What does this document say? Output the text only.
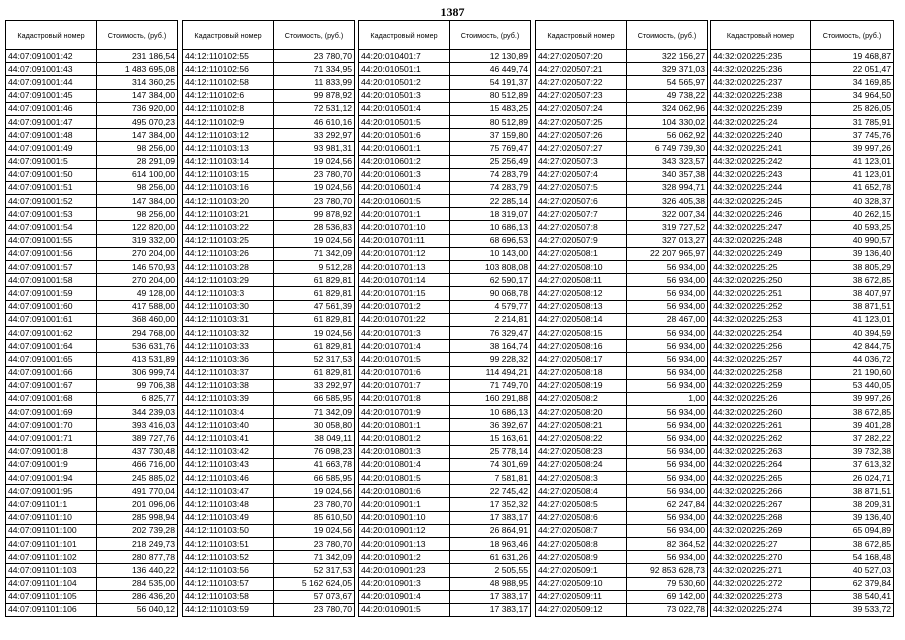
1387
Кадастровый номер	Стоимость, (руб.)
44:07:091001:42	231 186,54
44:07:091001:43	1 483 695,08
44:07:091001:44	314 360,25
44:07:091001:45	147 384,00
44:07:091001:46	736 920,00
44:07:091001:47	495 070,23
44:07:091001:48	147 384,00
44:07:091001:49	98 256,00
44:07:091001:5	28 291,09
44:07:091001:50	614 100,00
44:07:091001:51	98 256,00
44:07:091001:52	147 384,00
44:07:091001:53	98 256,00
44:07:091001:54	122 820,00
44:07:091001:55	319 332,00
44:07:091001:56	270 204,00
44:07:091001:57	146 570,93
44:07:091001:58	270 204,00
44:07:091001:59	49 128,00
44:07:091001:60	417 588,00
44:07:091001:61	368 460,00
44:07:091001:62	294 768,00
44:07:091001:64	536 631,76
44:07:091001:65	413 531,89
44:07:091001:66	306 999,74
44:07:091001:67	99 706,38
44:07:091001:68	6 825,77
44:07:091001:69	344 239,03
44:07:091001:70	393 416,03
44:07:091001:71	389 727,76
44:07:091001:8	437 730,48
44:07:091001:9	466 716,00
44:07:091001:94	245 885,02
44:07:091001:95	491 770,04
44:07:091101:1	201 096,06
44:07:091101:10	285 998,94
44:07:091101:100	202 739,28
44:07:091101:101	218 249,73
44:07:091101:102	280 877,78
44:07:091101:103	136 440,22
44:07:091101:104	284 535,00
44:07:091101:105	286 436,20
44:07:091101:106	56 040,12
Кадастровый номер	Стоимость, (руб.)
44:12:110102:55	23 780,70
44:12:110102:56	71 334,95
44:12:110102:58	11 833,99
44:12:110102:6	99 878,92
44:12:110102:8	72 531,12
44:12:110102:9	46 610,16
44:12:110103:12	33 292,97
44:12:110103:13	93 981,31
44:12:110103:14	19 024,56
44:12:110103:15	23 780,70
44:12:110103:16	19 024,56
44:12:110103:20	23 780,70
44:12:110103:21	99 878,92
44:12:110103:22	28 536,83
44:12:110103:25	19 024,56
44:12:110103:26	71 342,09
44:12:110103:28	9 512,28
44:12:110103:29	61 829,81
44:12:110103:3	61 829,81
44:12:110103:30	47 561,39
44:12:110103:31	61 829,81
44:12:110103:32	19 024,56
44:12:110103:33	61 829,81
44:12:110103:36	52 317,53
44:12:110103:37	61 829,81
44:12:110103:38	33 292,97
44:12:110103:39	66 585,95
44:12:110103:4	71 342,09
44:12:110103:40	30 058,80
44:12:110103:41	38 049,11
44:12:110103:42	76 098,23
44:12:110103:43	41 663,78
44:12:110103:46	66 585,95
44:12:110103:47	19 024,56
44:12:110103:48	23 780,70
44:12:110103:49	85 610,50
44:12:110103:50	19 024,56
44:12:110103:51	23 780,70
44:12:110103:52	71 342,09
44:12:110103:56	52 317,53
44:12:110103:57	5 162 624,05
44:12:110103:58	57 073,67
44:12:110103:59	23 780,70
Кадастровый номер	Стоимость, (руб.)
44:20:010401:7	12 130,89
44:20:010501:1	46 449,74
44:20:010501:2	54 191,37
44:20:010501:3	80 512,89
44:20:010501:4	15 483,25
44:20:010501:5	80 512,89
44:20:010501:6	37 159,80
44:20:010601:1	75 769,47
44:20:010601:2	25 256,49
44:20:010601:3	74 283,79
44:20:010601:4	74 283,79
44:20:010601:5	22 285,14
44:20:010701:1	18 319,07
44:20:010701:10	10 686,13
44:20:010701:11	68 696,53
44:20:010701:12	10 143,00
44:20:010701:13	103 808,08
44:20:010701:14	62 590,17
44:20:010701:15	90 068,78
44:20:010701:2	4 579,77
44:20:010701:22	2 214,81
44:20:010701:3	76 329,47
44:20:010701:4	38 164,74
44:20:010701:5	99 228,32
44:20:010701:6	114 494,21
44:20:010701:7	71 749,70
44:20:010701:8	160 291,88
44:20:010701:9	10 686,13
44:20:010801:1	36 392,67
44:20:010801:2	15 163,61
44:20:010801:3	25 778,14
44:20:010801:4	74 301,69
44:20:010801:5	7 581,81
44:20:010801:6	22 745,42
44:20:010901:1	17 352,32
44:20:010901:10	17 383,17
44:20:010901:12	26 864,91
44:20:010901:13	18 963,46
44:20:010901:2	61 631,26
44:20:010901:23	2 505,55
44:20:010901:3	48 988,95
44:20:010901:4	17 383,17
44:20:010901:5	17 383,17
Кадастровый номер	Стоимость, (руб.)
44:27:020507:20	322 156,27
44:27:020507:21	329 371,03
44:27:020507:22	54 565,97
44:27:020507:23	49 738,22
44:27:020507:24	324 062,96
44:27:020507:25	104 330,02
44:27:020507:26	56 062,92
44:27:020507:27	6 749 739,30
44:27:020507:3	343 323,57
44:27:020507:4	340 357,38
44:27:020507:5	328 994,71
44:27:020507:6	326 405,38
44:27:020507:7	322 007,34
44:27:020507:8	319 727,52
44:27:020507:9	327 013,27
44:27:020508:1	22 207 965,97
44:27:020508:10	56 934,00
44:27:020508:11	56 934,00
44:27:020508:12	56 934,00
44:27:020508:13	56 934,00
44:27:020508:14	28 467,00
44:27:020508:15	56 934,00
44:27:020508:16	56 934,00
44:27:020508:17	56 934,00
44:27:020508:18	56 934,00
44:27:020508:19	56 934,00
44:27:020508:2	1,00
44:27:020508:20	56 934,00
44:27:020508:21	56 934,00
44:27:020508:22	56 934,00
44:27:020508:23	56 934,00
44:27:020508:24	56 934,00
44:27:020508:3	56 934,00
44:27:020508:4	56 934,00
44:27:020508:5	62 247,84
44:27:020508:6	56 934,00
44:27:020508:7	56 934,00
44:27:020508:8	82 364,52
44:27:020508:9	56 934,00
44:27:020509:1	92 853 628,73
44:27:020509:10	79 530,60
44:27:020509:11	69 142,00
44:27:020509:12	73 022,78
Кадастровый номер	Стоимость, (руб.)
44:32:020225:235	19 468,87
44:32:020225:236	22 051,47
44:32:020225:237	34 169,85
44:32:020225:238	34 964,50
44:32:020225:239	25 826,05
44:32:020225:24	31 785,91
44:32:020225:240	37 745,76
44:32:020225:241	39 997,26
44:32:020225:242	41 123,01
44:32:020225:243	41 123,01
44:32:020225:244	41 652,78
44:32:020225:245	40 328,37
44:32:020225:246	40 262,15
44:32:020225:247	40 593,25
44:32:020225:248	40 990,57
44:32:020225:249	39 136,40
44:32:020225:25	38 805,29
44:32:020225:250	38 672,85
44:32:020225:251	38 407,97
44:32:020225:252	38 871,51
44:32:020225:253	41 123,01
44:32:020225:254	40 394,59
44:32:020225:256	42 844,75
44:32:020225:257	44 036,72
44:32:020225:258	21 190,60
44:32:020225:259	53 440,05
44:32:020225:26	39 997,26
44:32:020225:260	38 672,85
44:32:020225:261	39 401,28
44:32:020225:262	37 282,22
44:32:020225:263	39 732,38
44:32:020225:264	37 613,32
44:32:020225:265	26 024,71
44:32:020225:266	38 871,51
44:32:020225:267	38 209,31
44:32:020225:268	39 136,40
44:32:020225:269	65 094,89
44:32:020225:27	38 672,85
44:32:020225:270	54 168,48
44:32:020225:271	40 527,03
44:32:020225:272	62 379,84
44:32:020225:273	38 540,41
44:32:020225:274	39 533,72
